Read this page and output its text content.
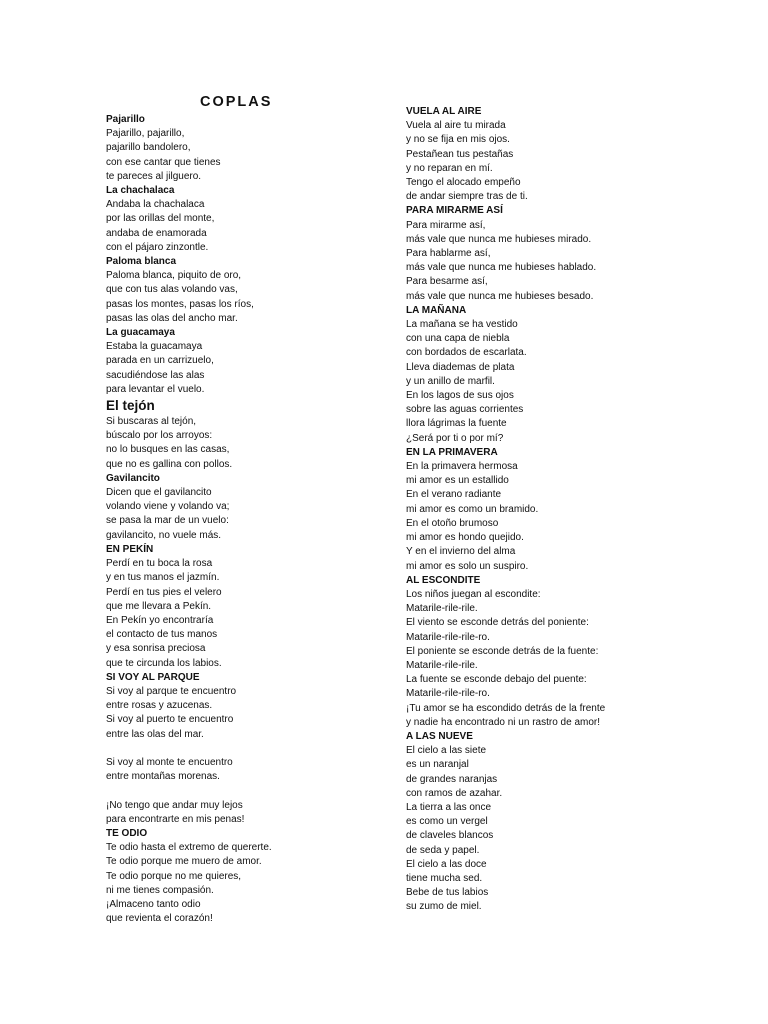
COPLAS
Pajarillo
Pajarillo, pajarillo,
pajarillo bandolero,
con ese cantar que tienes
te pareces al jilguero.
La chachalaca
Andaba la chachalaca
por las orillas del monte,
andaba de enamorada
con el pájaro zinzontle.
Paloma blanca
Paloma blanca, piquito de oro,
que con tus alas volando vas,
pasas los montes, pasas los ríos,
pasas las olas del ancho mar.
La guacamaya
Estaba la guacamaya
parada en un carrizuelo,
sacudiéndose las alas
para levantar el vuelo.
El tejón
Si buscaras al tejón,
búscalo por los arroyos:
no lo busques en las casas,
que no es gallina con pollos.
Gavilancito
Dicen que el gavilancito
volando viene y volando va;
se pasa la mar de un vuelo:
gavilancito, no vuele más.
EN PEKÍN
Perdí en tu boca la rosa
y en tus manos el jazmín.
Perdí en tus pies el velero
que me llevara a Pekín.
En Pekín yo encontraría
el contacto de tus manos
y esa sonrisa preciosa
que te circunda los labios.
SI VOY AL PARQUE
Si voy al parque te encuentro
entre rosas y azucenas.
Si voy al puerto te encuentro
entre las olas del mar.
Si voy al monte te encuentro
entre montañas morenas.
¡No tengo que andar muy lejos
para encontrarte en mis penas!
TE ODIO
Te odio hasta el extremo de quererte.
Te odio porque me muero de amor.
Te odio porque no me quieres,
ni me tienes compasión.
¡Almaceno tanto odio
que revienta el corazón!
VUELA AL AIRE
Vuela al aire tu mirada
y no se fija en mis ojos.
Pestañean tus pestañas
y no reparan en mí.
Tengo el alocado empeño
de andar siempre tras de ti.
PARA MIRARME ASÍ
Para mirarme así,
más vale que nunca me hubieses mirado.
Para hablarme así,
más vale que nunca me hubieses hablado.
Para besarme así,
más vale que nunca me hubieses besado.
LA MAÑANA
La mañana se ha vestido
con una capa de niebla
con bordados de escarlata.
Lleva diademas de plata
y un anillo de marfil.
En los lagos de sus ojos
sobre las aguas corrientes
llora lágrimas la fuente
¿Será por ti o por mí?
EN LA PRIMAVERA
En la primavera hermosa
mi amor es un estallido
En el verano radiante
mi amor es como un bramido.
En el otoño brumoso
mi amor es hondo quejido.
Y en el invierno del alma
mi amor es solo un suspiro.
AL ESCONDITE
Los niños juegan al escondite:
Matarile-rile-rile.
El viento se esconde detrás del poniente:
Matarile-rile-rile-ro.
El poniente se esconde detrás de la fuente:
Matarile-rile-rile.
La fuente se esconde debajo del puente:
Matarile-rile-rile-ro.
¡Tu amor se ha escondido detrás de la frente
y nadie ha encontrado ni un rastro de amor!
A LAS NUEVE
El cielo a las siete
es un naranjal
de grandes naranjas
con ramos de azahar.
La tierra a las once
es como un vergel
de claveles blancos
de seda y papel.
El cielo a las doce
tiene mucha sed.
Bebe de tus labios
su zumo de miel.
